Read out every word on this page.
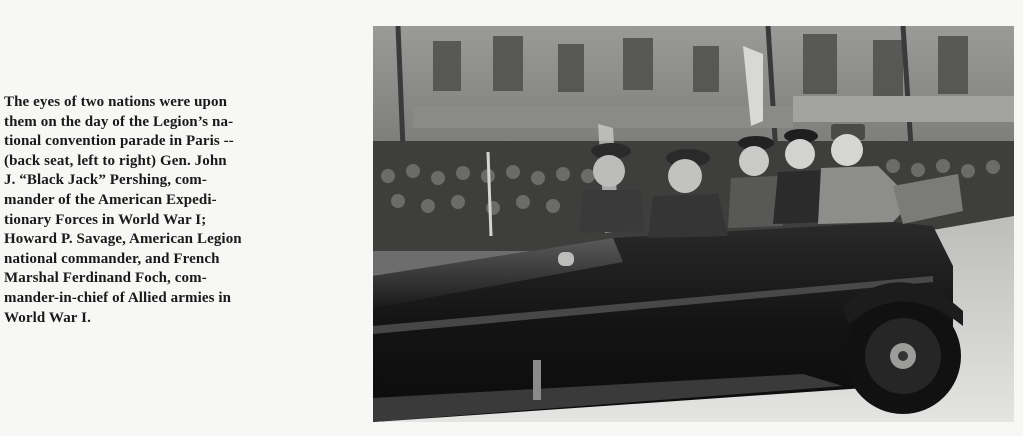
The eyes of two nations were upon
them on the day of the Legion’s na-
tional convention parade in Paris --
(back seat, left to right) Gen. John
J. “Black Jack” Pershing, com-
mander of the American Expedi-
tionary Forces in World War I;
Howard P. Savage, American Legion
national commander, and French
Marshal Ferdinand Foch, com-
mander-in-chief of Allied armies in
World War I.
